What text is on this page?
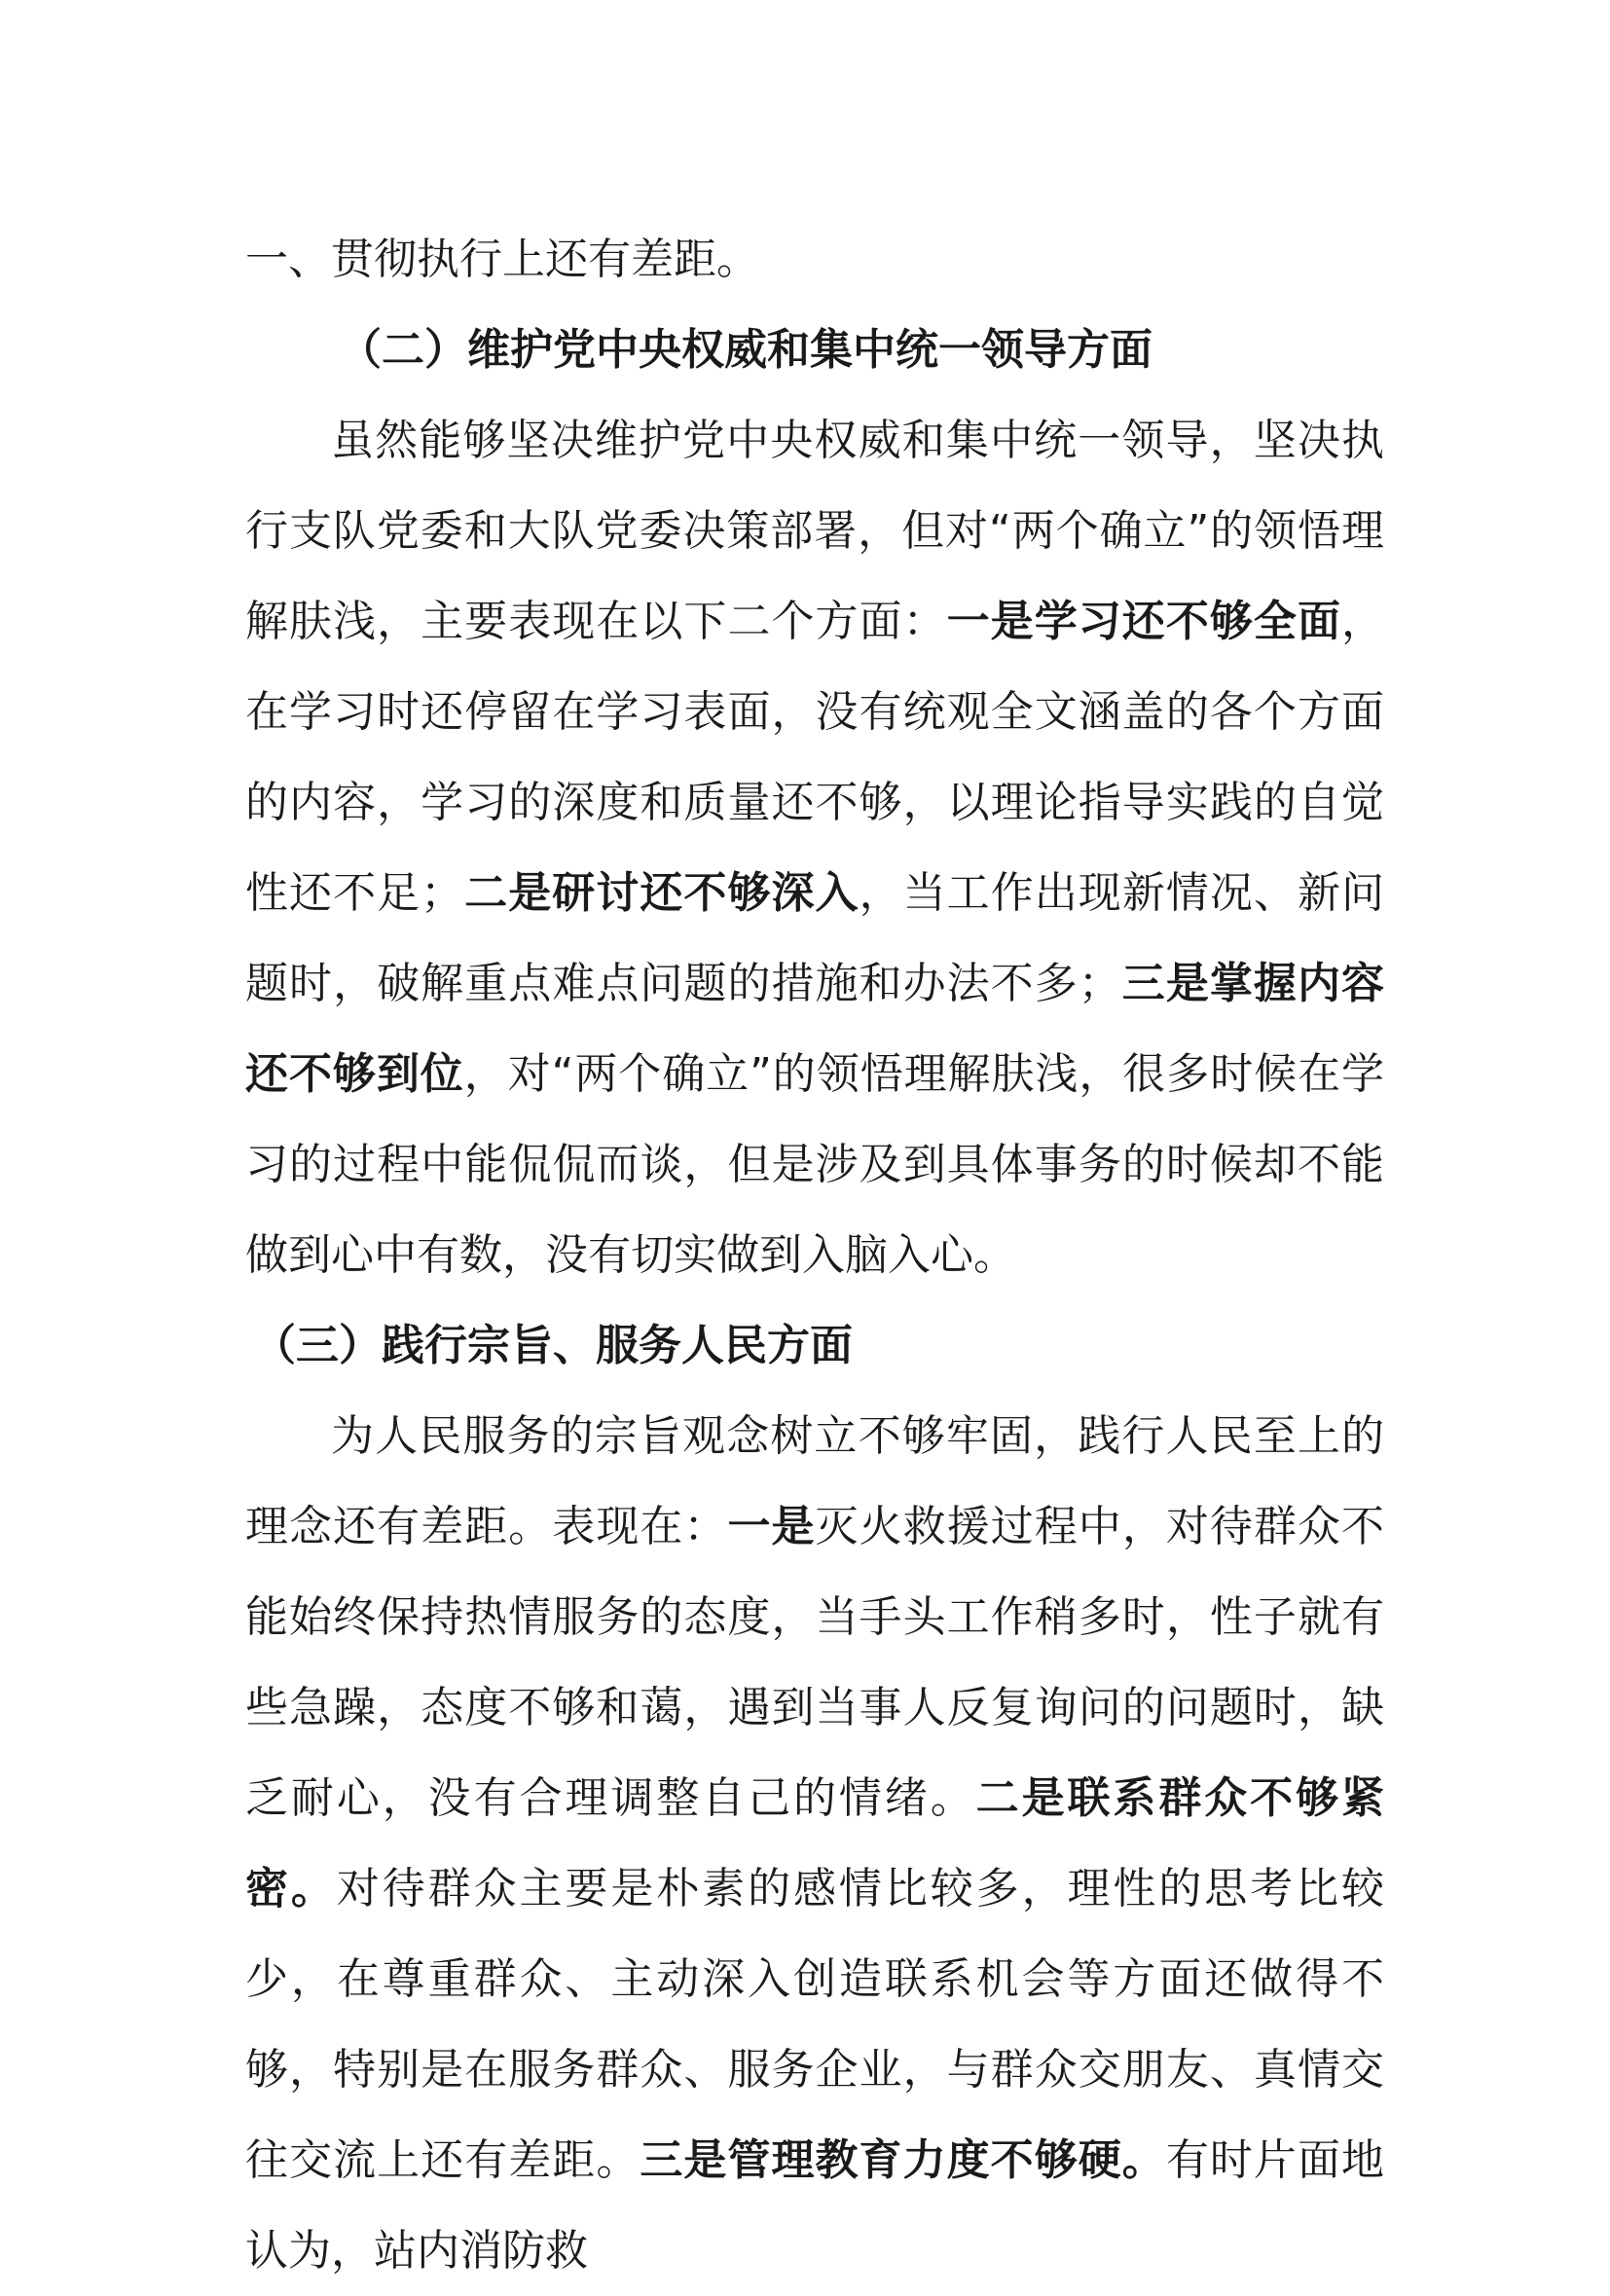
一、贯彻执行上还有差距。

（二）维护党中央权威和集中统一领导方面

虽然能够坚决维护党中央权威和集中统一领导，坚决执行支队党委和大队党委决策部署，但对“两个确立”的领悟理解肤浅，主要表现在以下二个方面：一是学习还不够全面，在学习时还停留在学习表面，没有统观全文涵盖的各个方面的内容，学习的深度和质量还不够，以理论指导实践的自觉性还不足；二是研讨还不够深入，当工作出现新情况、新问题时，破解重点难点问题的措施和办法不多；三是掌握内容还不够到位，对“两个确立”的领悟理解肤浅，很多时候在学习的过程中能侃侃而谈，但是涉及到具体事务的时候却不能做到心中有数，没有切实做到入脑入心。

（三）践行宗旨、服务人民方面

为人民服务的宗旨观念树立不够牢固，践行人民至上的理念还有差距。表现在：一是灭火救援过程中，对待群众不能始终保持热情服务的态度，当手头工作稍多时，性子就有些急躁，态度不够和蔼，遇到当事人反复询问的问题时，缺乏耐心，没有合理调整自己的情绪。二是联系群众不够紧密。对待群众主要是朴素的感情比较多，理性的思考比较少，在尊重群众、主动深入创造联系机会等方面还做得不够，特别是在服务群众、服务企业，与群众交朋友、真情交往交流上还有差距。三是管理教育力度不够硬。有时片面地认为，站内消防救
